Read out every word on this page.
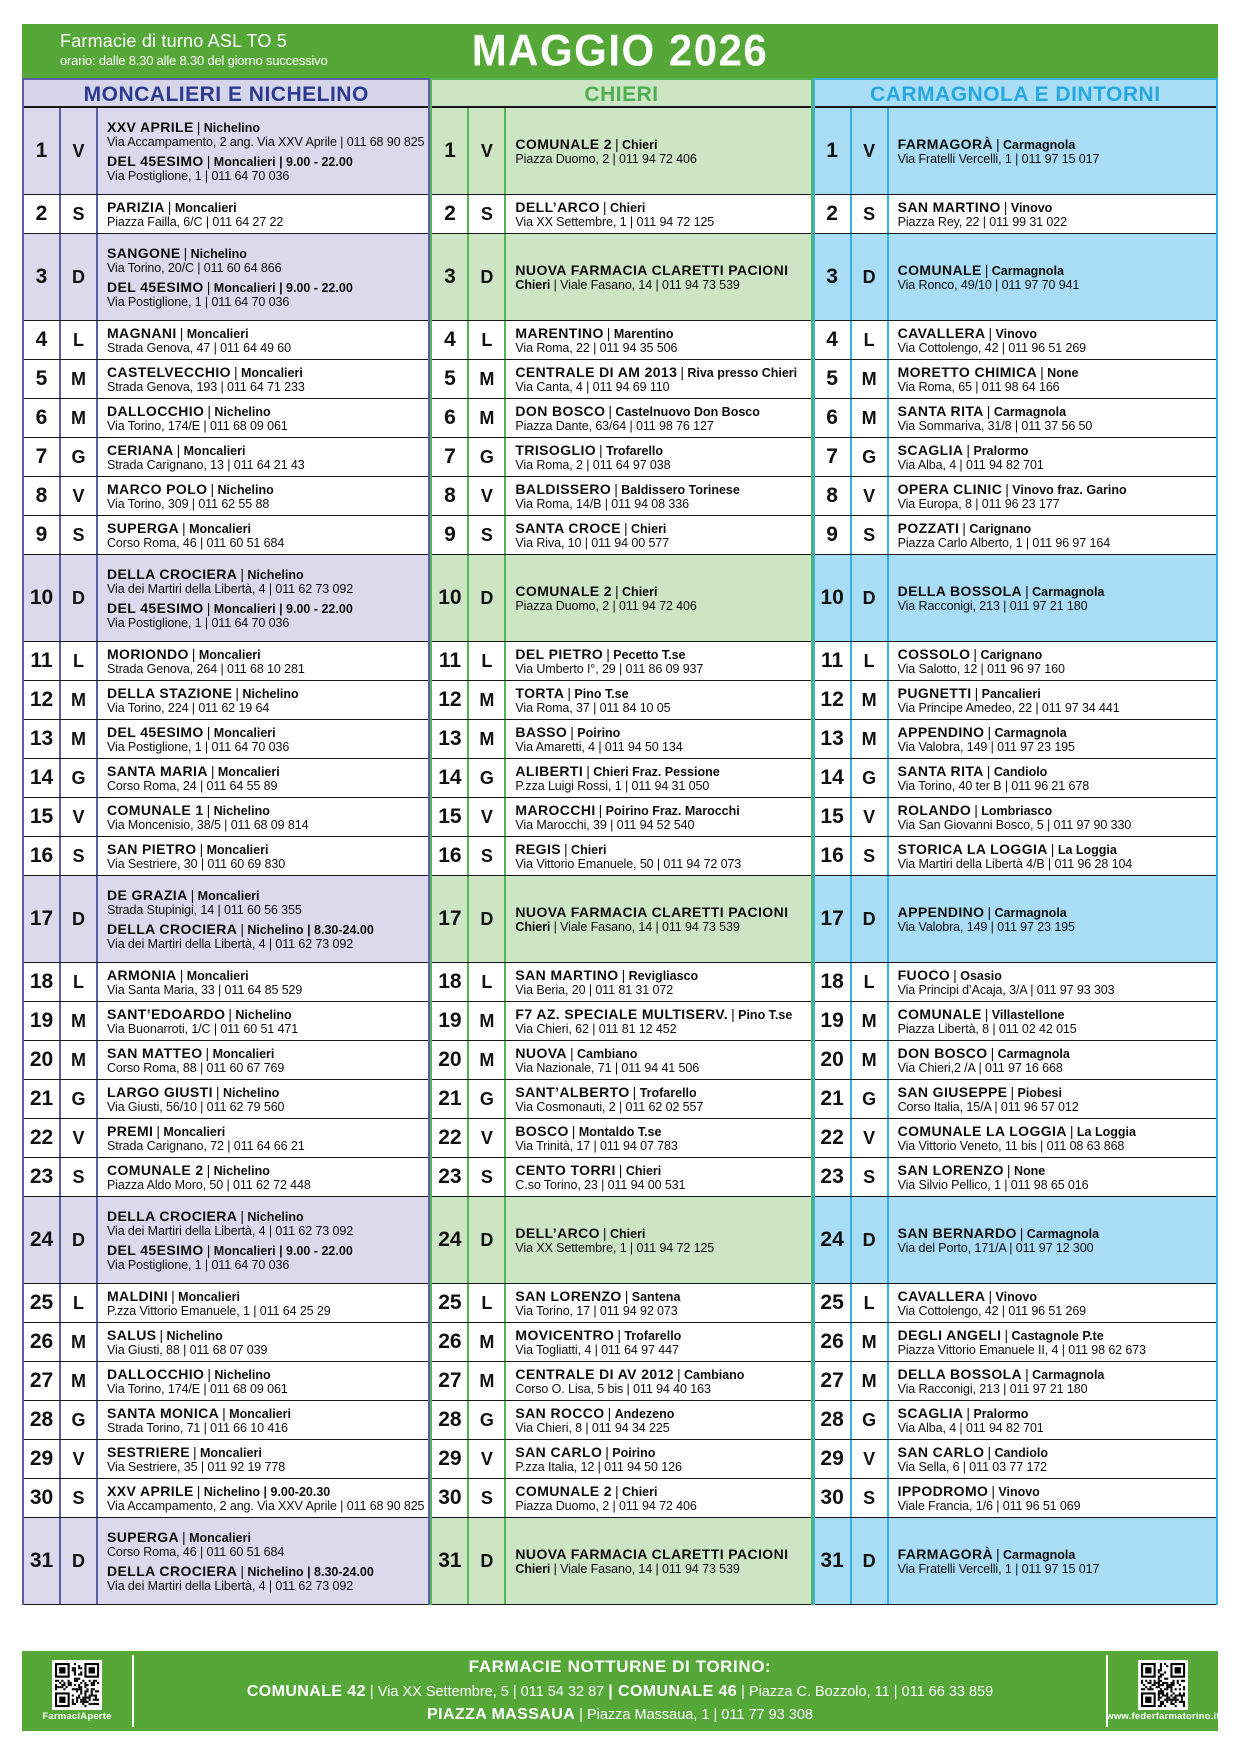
Farmacie di turno ASL TO 5
orario: dalle 8.30 alle 8.30 del giorno successivo	MAGGIO 2026
MONCALIERI E NICHELINO
1	V
XXV APRILE | Nichelino
Via Accampamento, 2 ang. Via XXV Aprile | 011 68 90 825
DEL 45ESIMO | Moncalieri | 9.00 - 22.00
Via Postiglione, 1 | 011 64 70 036
2	S	PARIZIA | Moncalieri
Piazza Failla, 6/C | 011 64 27 22
3	D
SANGONE | Nichelino
Via Torino, 20/C | 011 60 64 866
DEL 45ESIMO | Moncalieri | 9.00 - 22.00
Via Postiglione, 1 | 011 64 70 036
4	L	MAGNANI | Moncalieri
Strada Genova, 47 | 011 64 49 60
5	M	CASTELVECCHIO | Moncalieri
Strada Genova, 193 | 011 64 71 233
6	M	DALLOCCHIO | Nichelino
Via Torino, 174/E | 011 68 09 061
7	G	CERIANA | Moncalieri
Strada Carignano, 13 | 011 64 21 43
8	V	MARCO POLO | Nichelino
Via Torino, 309 | 011 62 55 88
9	S	SUPERGA | Moncalieri
Corso Roma, 46 | 011 60 51 684
10	D
DELLA CROCIERA | Nichelino
Via dei Martiri della Libertà, 4 | 011 62 73 092
DEL 45ESIMO | Moncalieri | 9.00 - 22.00
Via Postiglione, 1 | 011 64 70 036
11	L	MORIONDO | Moncalieri
Strada Genova, 264 | 011 68 10 281
12 M	DELLA STAZIONE | Nichelino
Via Torino, 224 | 011 62 19 64
13 M	DEL 45ESIMO | Moncalieri
Via Postiglione, 1 | 011 64 70 036
14	G	SANTA MARIA | Moncalieri
Corso Roma, 24 | 011 64 55 89
15	V	COMUNALE 1 | Nichelino
Via Moncenisio, 38/5 | 011 68 09 814
16	S	SAN PIETRO | Moncalieri
Via Sestriere, 30 | 011 60 69 830
17	D
DE GRAZIA | Moncalieri
Strada Stupinigi, 14 | 011 60 56 355
DELLA CROCIERA | Nichelino | 8.30-24.00
Via dei Martiri della Libertà, 4 | 011 62 73 092
18	L	ARMONIA | Moncalieri
Via Santa Maria, 33 | 011 64 85 529
19 M	SANT’EDOARDO | Nichelino
Via Buonarroti, 1/C | 011 60 51 471
20 M	SAN MATTEO | Moncalieri
Corso Roma, 88 | 011 60 67 769
21	G	LARGO GIUSTI | Nichelino
Via Giusti, 56/10 | 011 62 79 560
22	V	PREMI | Moncalieri
Strada Carignano, 72 | 011 64 66 21
23	S	COMUNALE 2 | Nichelino
Piazza Aldo Moro, 50 | 011 62 72 448
24	D
DELLA CROCIERA | Nichelino
Via dei Martiri della Libertà, 4 | 011 62 73 092
DEL 45ESIMO | Moncalieri | 9.00 - 22.00
Via Postiglione, 1 | 011 64 70 036
25	L	MALDINI | Moncalieri
P.zza Vittorio Emanuele, 1 | 011 64 25 29
26 M	SALUS | Nichelino
Via Giusti, 88 | 011 68 07 039
27 M	DALLOCCHIO | Nichelino
Via Torino, 174/E | 011 68 09 061
28	G	SANTA MONICA | Moncalieri
Strada Torino, 71 | 011 66 10 416
29	V	SESTRIERE | Moncalieri
Via Sestriere, 35 | 011 92 19 778
30	S	XXV APRILE | Nichelino | 9.00-20.30
Via Accampamento, 2 ang. Via XXV Aprile | 011 68 90 825
31	D
SUPERGA | Moncalieri
Corso Roma, 46 | 011 60 51 684
DELLA CROCIERA | Nichelino | 8.30-24.00
Via dei Martiri della Libertà, 4 | 011 62 73 092
CHIERI
1	V	COMUNALE 2 | Chieri
Piazza Duomo, 2 | 011 94 72 406
2	S	DELL’ARCO | Chieri
Via XX Settembre, 1 | 011 94 72 125
3	D	NUOVA FARMACIA CLARETTI PACIONI
Chieri | Viale Fasano, 14 | 011 94 73 539
4	L	MARENTINO | Marentino
Via Roma, 22 | 011 94 35 506
5	M	CENTRALE DI AM 2013 | Riva presso Chieri
Via Canta, 4 | 011 94 69 110
6	M	DON BOSCO | Castelnuovo Don Bosco
Piazza Dante, 63/64 | 011 98 76 127
7	G	TRISOGLIO | Trofarello
Via Roma, 2 | 011 64 97 038
8	V	BALDISSERO | Baldissero Torinese
Via Roma, 14/B | 011 94 08 336
9	S	SANTA CROCE | Chieri
Via Riva, 10 | 011 94 00 577
10	D	COMUNALE 2 | Chieri
Piazza Duomo, 2 | 011 94 72 406
11	L	DEL PIETRO | Pecetto T.se
Via Umberto I°, 29 | 011 86 09 937
12 M	TORTA | Pino T.se
Via Roma, 37 | 011 84 10 05
13 M	BASSO | Poirino
Via Amaretti, 4 | 011 94 50 134
14	G	ALIBERTI | Chieri Fraz. Pessione
P.zza Luigi Rossi, 1 | 011 94 31 050
15	V	MAROCCHI | Poirino Fraz. Marocchi
Via Marocchi, 39 | 011 94 52 540
16	S	REGIS | Chieri
Via Vittorio Emanuele, 50 | 011 94 72 073
17	D	NUOVA FARMACIA CLARETTI PACIONI
Chieri | Viale Fasano, 14 | 011 94 73 539
18	L	SAN MARTINO | Revigliasco
Via Beria, 20 | 011 81 31 072
19 M	F7 AZ. SPECIALE MULTISERV. | Pino T.se
Via Chieri, 62 | 011 81 12 452
20 M	NUOVA | Cambiano
Via Nazionale, 71 | 011 94 41 506
21	G	SANT’ALBERTO | Trofarello
Via Cosmonauti, 2 | 011 62 02 557
22	V	BOSCO | Montaldo T.se
Via Trinità, 17 | 011 94 07 783
23	S	CENTO TORRI | Chieri
C.so Torino, 23 | 011 94 00 531
24	D	DELL’ARCO | Chieri
Via XX Settembre, 1 | 011 94 72 125
25	L	SAN LORENZO | Santena
Via Torino, 17 | 011 94 92 073
26 M	MOVICENTRO | Trofarello
Via Togliatti, 4 | 011 64 97 447
27 M	CENTRALE DI AV 2012 | Cambiano
Corso O. Lisa, 5 bis | 011 94 40 163
28	G	SAN ROCCO | Andezeno
Via Chieri, 8 | 011 94 34 225
29	V	SAN CARLO | Poirino
P.zza Italia, 12 | 011 94 50 126
30	S	COMUNALE 2 | Chieri
Piazza Duomo, 2 | 011 94 72 406
31	D	NUOVA FARMACIA CLARETTI PACIONI
Chieri | Viale Fasano, 14 | 011 94 73 539
CARMAGNOLA E DINTORNI
1	V	FARMAGORÀ | Carmagnola
Via Fratelli Vercelli, 1 | 011 97 15 017
2	S	SAN MARTINO | Vinovo
Piazza Rey, 22 | 011 99 31 022
3	D	COMUNALE | Carmagnola
Via Ronco, 49/10 | 011 97 70 941
4	L	CAVALLERA | Vinovo
Via Cottolengo, 42 | 011 96 51 269
5	M	MORETTO CHIMICA | None
Via Roma, 65 | 011 98 64 166
6	M	SANTA RITA | Carmagnola
Via Sommariva, 31/8 | 011 37 56 50
7	G	SCAGLIA | Pralormo
Via Alba, 4 | 011 94 82 701
8	V	OPERA CLINIC | Vinovo fraz. Garino
Via Europa, 8 | 011 96 23 177
9	S	POZZATI | Carignano
Piazza Carlo Alberto, 1 | 011 96 97 164
10	D	DELLA BOSSOLA | Carmagnola
Via Racconigi, 213 | 011 97 21 180
11	L	COSSOLO | Carignano
Via Salotto, 12 | 011 96 97 160
12 M	PUGNETTI | Pancalieri
Via Principe Amedeo, 22 | 011 97 34 441
13 M	APPENDINO | Carmagnola
Via Valobra, 149 | 011 97 23 195
14	G	SANTA RITA | Candiolo
Via Torino, 40 ter B | 011 96 21 678
15	V	ROLANDO | Lombriasco
Via San Giovanni Bosco, 5 | 011 97 90 330
16	S	STORICA LA LOGGIA | La Loggia
Via Martiri della Libertà 4/B | 011 96 28 104
17	D	APPENDINO | Carmagnola
Via Valobra, 149 | 011 97 23 195
18	L	FUOCO | Osasio
Via Principi d’Acaja, 3/A | 011 97 93 303
19 M	COMUNALE | Villastellone
Piazza Libertà, 8 | 011 02 42 015
20 M	DON BOSCO | Carmagnola
Via Chieri,2 /A | 011 97 16 668
21	G	SAN GIUSEPPE | Piobesi
Corso Italia, 15/A | 011 96 57 012
22	V	COMUNALE LA LOGGIA | La Loggia
Via Vittorio Veneto, 11 bis | 011 08 63 868
23	S	SAN LORENZO | None
Via Silvio Pellico, 1 | 011 98 65 016
24	D	SAN BERNARDO | Carmagnola
Via del Porto, 171/A | 011 97 12 300
25	L	CAVALLERA | Vinovo
Via Cottolengo, 42 | 011 96 51 269
26 M	DEGLI ANGELI | Castagnole P.te
Piazza Vittorio Emanuele II, 4 | 011 98 62 673
27 M	DELLA BOSSOLA | Carmagnola
Via Racconigi, 213 | 011 97 21 180
28	G	SCAGLIA | Pralormo
Via Alba, 4 | 011 94 82 701
29	V	SAN CARLO | Candiolo
Via Sella, 6 | 011 03 77 172
30	S	IPPODROMO | Vinovo
Viale Francia, 1/6 | 011 96 51 069
31	D	FARMAGORÀ | Carmagnola
Via Fratelli Vercelli, 1 | 011 97 15 017
FarmaciAperte
FARMACIE NOTTURNE DI TORINO:
COMUNALE 42 | Via XX Settembre, 5 | 011 54 32 87 | COMUNALE 46 | Piazza C. Bozzolo, 11 | 011 66 33 859
PIAZZA MASSAUA | Piazza Massaua, 1 | 011 77 93 308	www.federfarmatorino.it
